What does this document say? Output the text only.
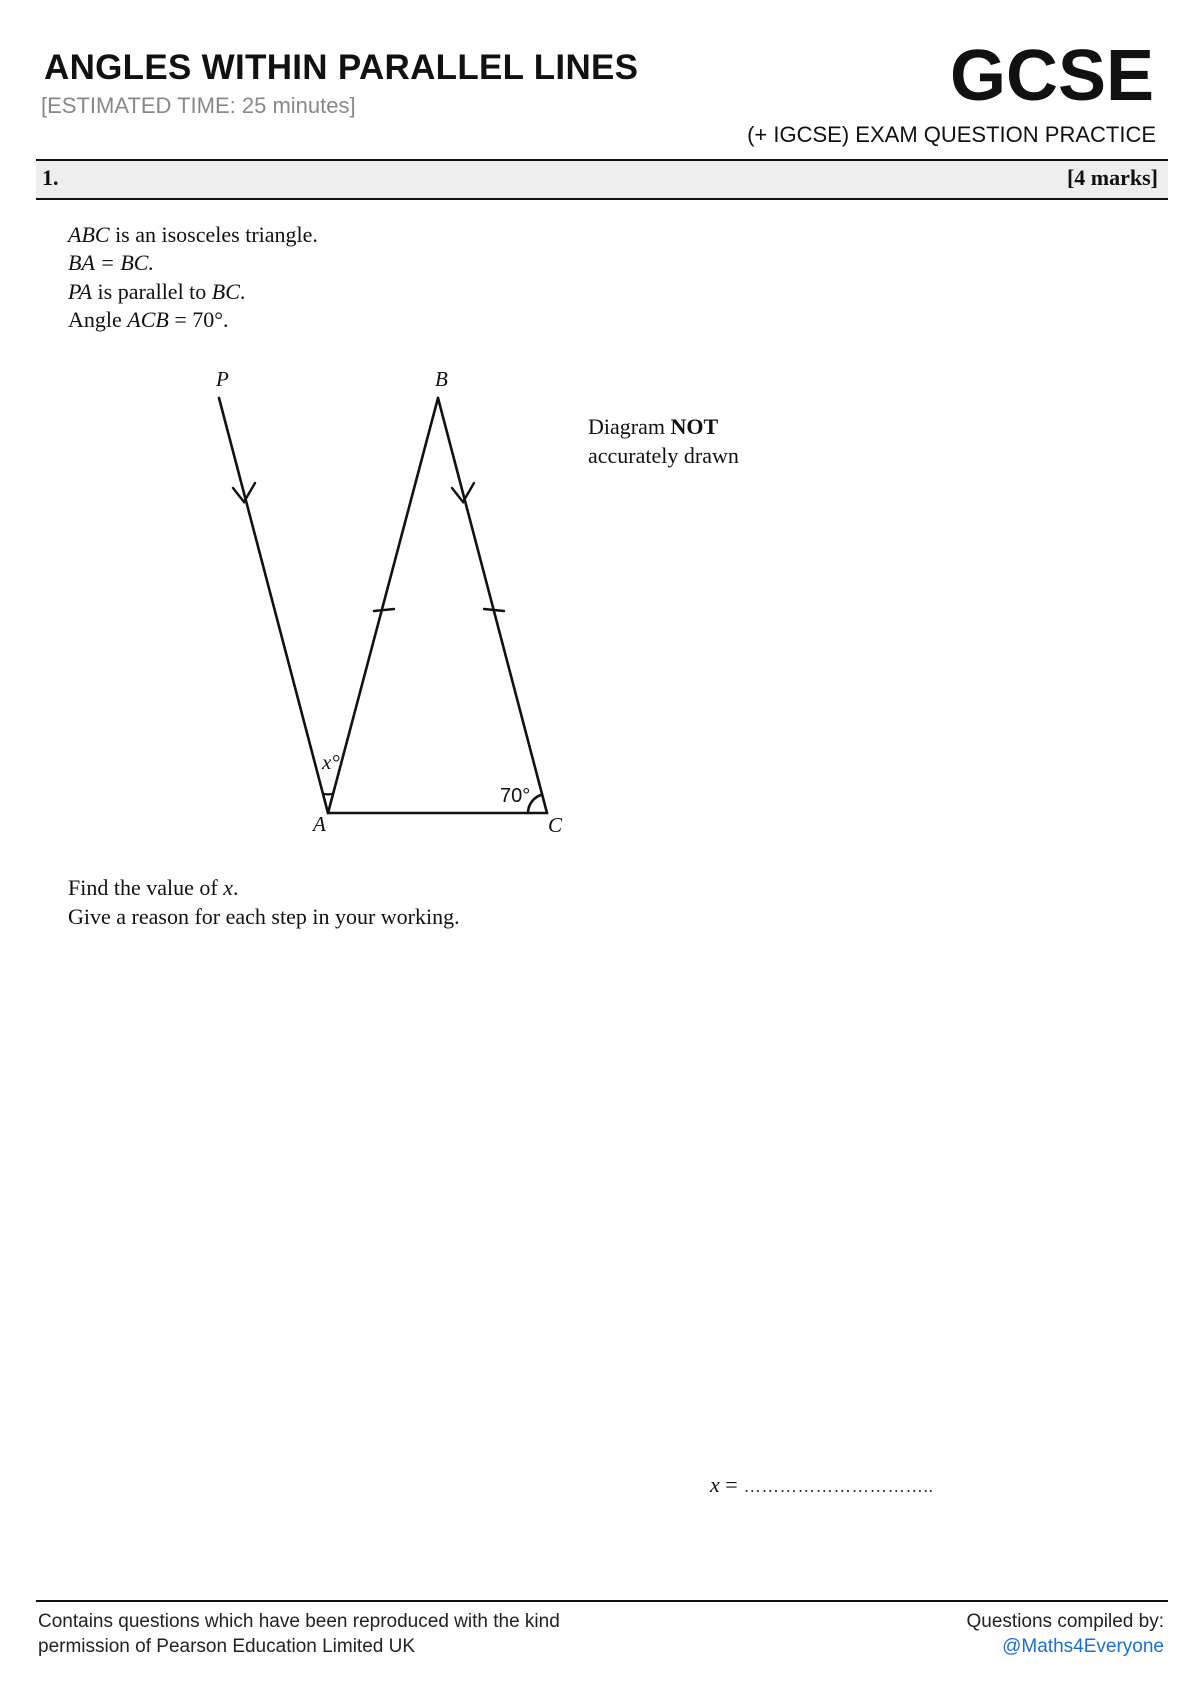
ANGLES WITHIN PARALLEL LINES
[ESTIMATED TIME: 25 minutes]	GCSE
(+ IGCSE) EXAM QUESTION PRACTICE
1.	[4 marks]
ABC is an isosceles triangle.
BA = BC.
PA is parallel to BC.
Angle ACB = 70°.
P	B
A	C
x°
70°
Diagram NOT
accurately drawn
Find the value of x.
Give a reason for each step in your working.
x = …………………………..
Contains questions which have been reproduced with the kind
permission of Pearson Education Limited UK
Questions compiled by:
@Maths4Everyone
